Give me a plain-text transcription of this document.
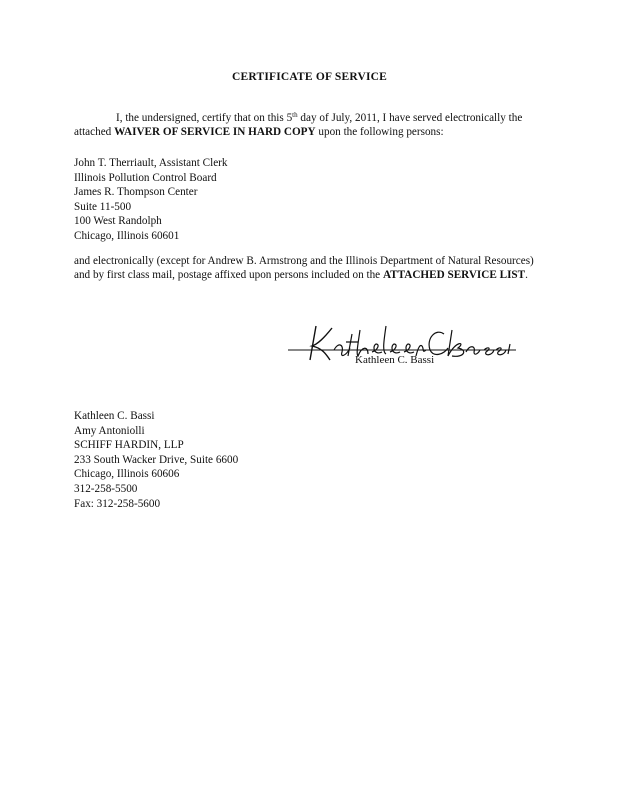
CERTIFICATE OF SERVICE
I, the undersigned, certify that on this 5th day of July, 2011, I have served electronically the attached WAIVER OF SERVICE IN HARD COPY upon the following persons:
John T. Therriault, Assistant Clerk
Illinois Pollution Control Board
James R. Thompson Center
Suite 11-500
100 West Randolph
Chicago, Illinois 60601
and electronically (except for Andrew B. Armstrong and the Illinois Department of Natural Resources) and by first class mail, postage affixed upon persons included on the ATTACHED SERVICE LIST.
Kathleen C. Bassi
Kathleen C. Bassi
Amy Antoniolli
SCHIFF HARDIN, LLP
233 South Wacker Drive, Suite 6600
Chicago, Illinois 60606
312-258-5500
Fax: 312-258-5600
